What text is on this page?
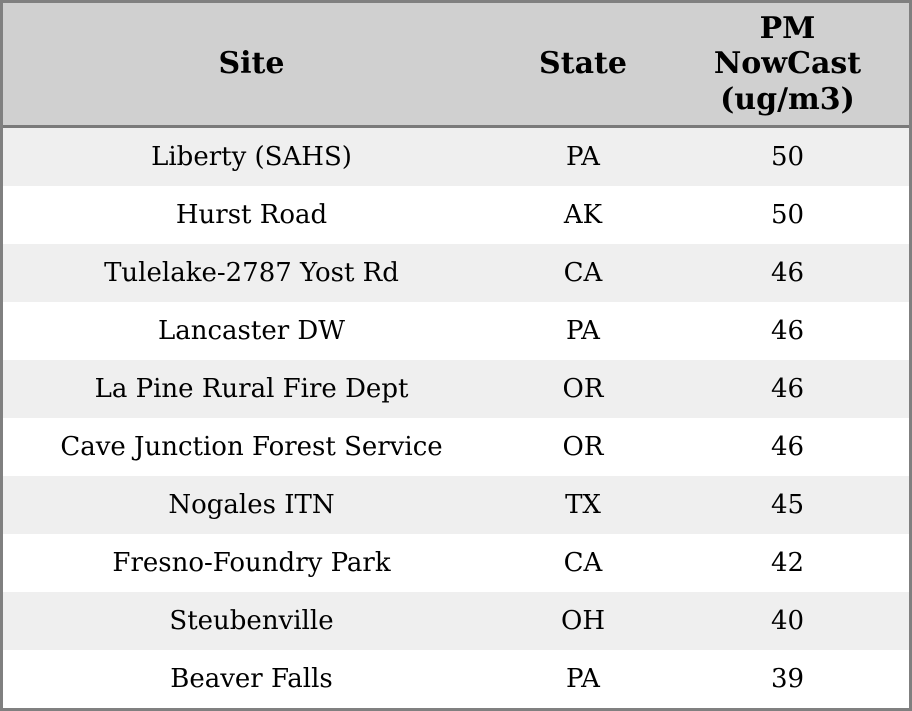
Site	State	PM
NowCast
(ug/m3)

Liberty (SAHS)	PA	50
Hurst Road	AK	50
Tulelake-2787 Yost Rd	CA	46
Lancaster DW	PA	46
La Pine Rural Fire Dept	OR	46
Cave Junction Forest Service	OR	46
Nogales ITN	TX	45
Fresno-Foundry Park	CA	42
Steubenville	OH	40
Beaver Falls	PA	39
